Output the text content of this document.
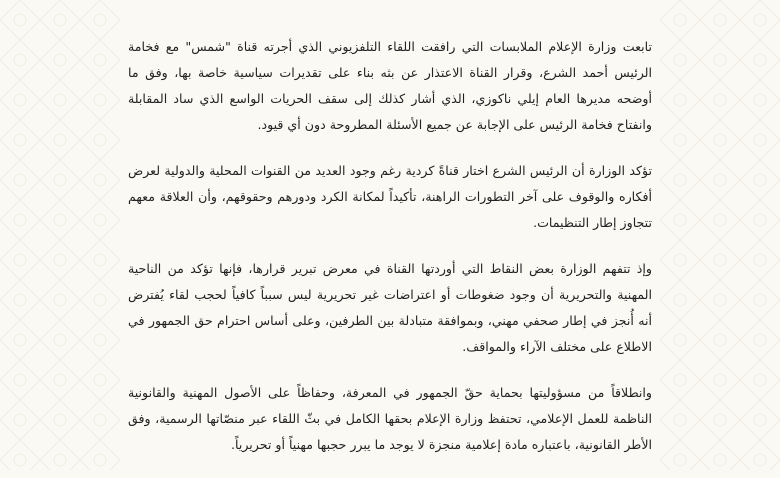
تابعت وزارة الإعلام الملابسات التي رافقت اللقاء التلفزيوني الذي أجرته قناة "شمس" مع فخامة الرئيس أحمد الشرع، وقرار القناة الاعتذار عن بثه بناء على تقديرات سياسية خاصة بها، وفق ما أوضحه مديرها العام إيلي ناكوزي، الذي أشار كذلك إلى سقف الحريات الواسع الذي ساد المقابلة وانفتاح فخامة الرئيس على الإجابة عن جميع الأسئلة المطروحة دون أي قيود.

تؤكد الوزارة أن الرئيس الشرع اختار قناةً كردية رغم وجود العديد من القنوات المحلية والدولية لعرض أفكاره والوقوف على آخر التطورات الراهنة، تأكيداً لمكانة الكرد ودورهم وحقوقهم، وأن العلاقة معهم تتجاوز إطار التنظيمات.

وإذ تتفهم الوزارة بعض النقاط التي أوردتها القناة في معرض تبرير قرارها، فإنها تؤكد من الناحية المهنية والتحريرية أن وجود ضغوطات أو اعتراضات غير تحريرية ليس سبباً كافياً لحجب لقاء يُفترض أنه أُنجز في إطار صحفي مهني، وبموافقة متبادلة بين الطرفين، وعلى أساس احترام حق الجمهور في الاطلاع على مختلف الآراء والمواقف.

وانطلاقاً من مسؤوليتها بحماية حقّ الجمهور في المعرفة، وحفاظاً على الأصول المهنية والقانونية الناظمة للعمل الإعلامي، تحتفظ وزارة الإعلام بحقها الكامل في بثّ اللقاء عبر منصّاتها الرسمية، وفق الأطر القانونية، باعتباره مادة إعلامية منجزة لا يوجد ما يبرر حجبها مهنياً أو تحريرياً.
